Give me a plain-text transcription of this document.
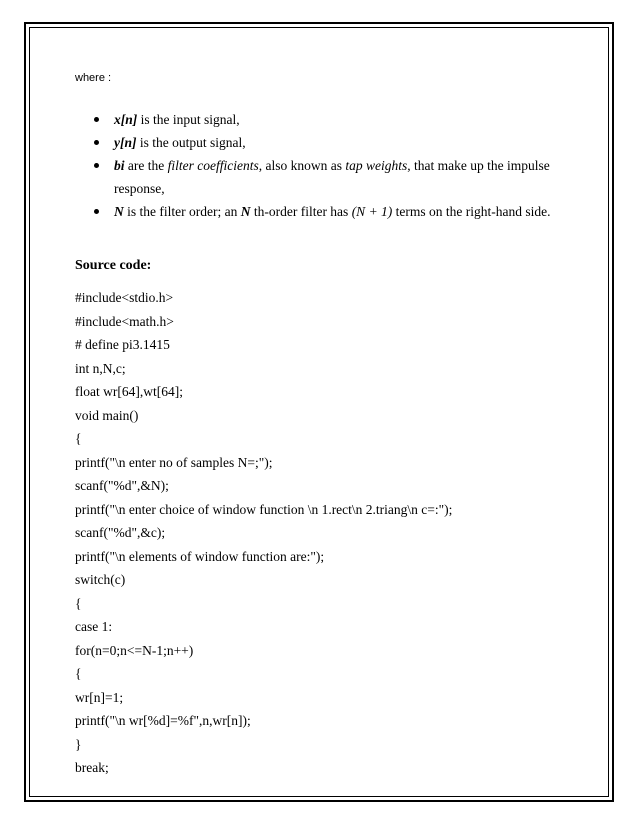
where :
x[n] is the input signal,
y[n] is the output signal,
bi are the filter coefficients, also known as tap weights, that make up the impulse response,
N is the filter order; an N th-order filter has (N + 1) terms on the right-hand side.
Source code:
#include<stdio.h>
#include<math.h>
# define pi3.1415
int n,N,c;
float wr[64],wt[64];
void main()
{
printf("\n enter no of samples N=;");
scanf("%d",&N);
printf("\n enter choice of window function \n 1.rect\n 2.triang\n c=:");
scanf("%d",&c);
printf("\n elements of window function are:");
switch(c)
{
case 1:
for(n=0;n<=N-1;n++)
{
wr[n]=1;
printf("\n wr[%d]=%f",n,wr[n]);
}
break;
